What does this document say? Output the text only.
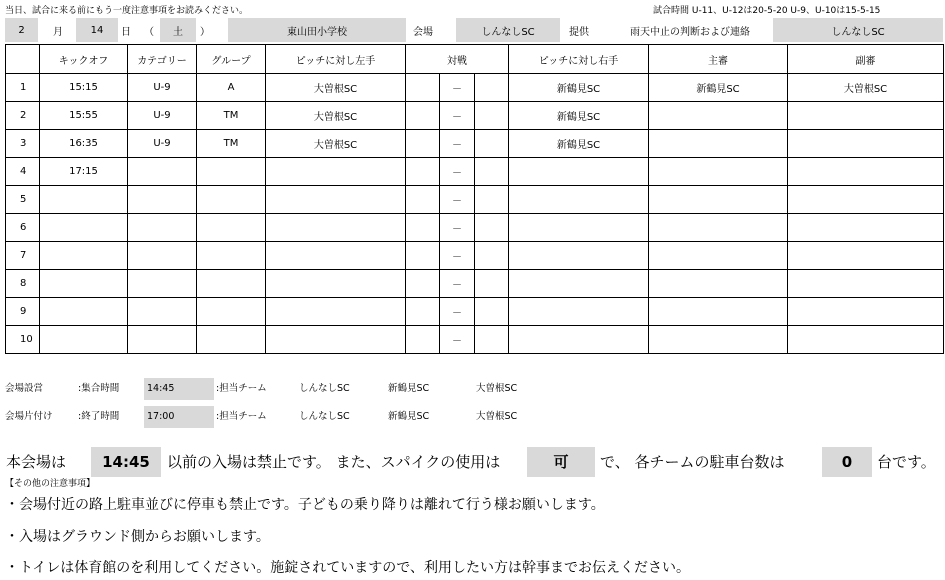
当日、試合に来る前にもう一度注意事項をお読みください。	試合時間 U-11、U-12は20-5-20 U-9、U-10は15-5-15
2	月	14	日	（	土	）	東山田小学校	会場	しんなしSC	提供	雨天中止の判断および連絡	しんなしSC
	キックオフ	カテゴリー	グループ	ピッチに対し左手	対戦			ピッチに対し右手	主審	副審
1	15:15	U-9	A	大曽根SC		－		新鶴見SC	新鶴見SC	大曽根SC
2	15:55	U-9	TM	大曽根SC		－		新鶴見SC		
3	16:35	U-9	TM	大曽根SC		－		新鶴見SC		
4	17:15					－				
5						－				
6						－				
7						－				
8						－				
9						－				
10						－				
会場設営	:集合時間	14:45	:担当チーム	しんなしSC	新鶴見SC	大曽根SC
会場片付け	:終了時間	17:00	:担当チーム	しんなしSC	新鶴見SC	大曽根SC
本会場は	14:45	以前の入場は禁止です。 また、スパイクの使用は	可	で、 各チームの駐車台数は	0	台です。
【その他の注意事項】
・会場付近の路上駐車並びに停車も禁止です。子どもの乗り降りは離れて行う様お願いします。
・入場はグラウンド側からお願いします。
・トイレは体育館のを利用してください。施錠されていますので、利用したい方は幹事までお伝えください。
